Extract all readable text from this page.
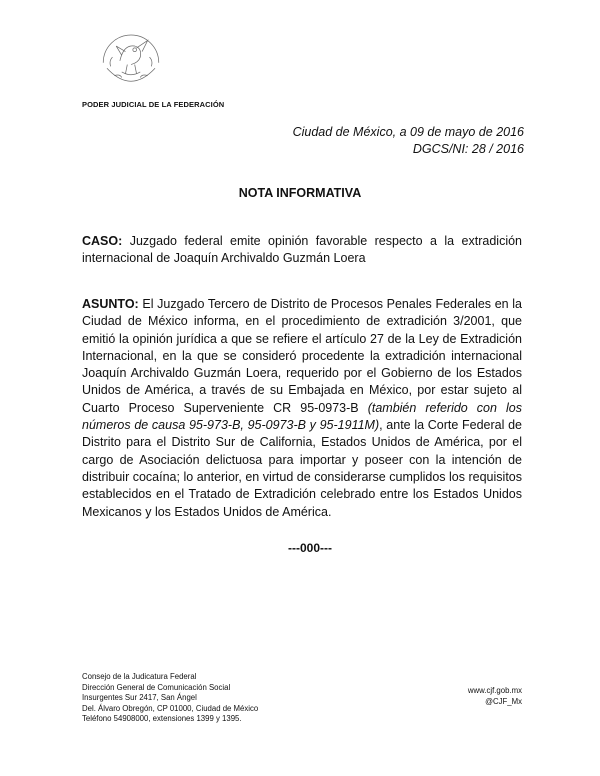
PODER JUDICIAL DE LA FEDERACIÓN
Ciudad de México, a 09 de mayo de 2016
DGCS/NI: 28 / 2016
NOTA INFORMATIVA
CASO: Juzgado federal emite opinión favorable respecto a la extradición internacional de Joaquín Archivaldo Guzmán Loera
ASUNTO: El Juzgado Tercero de Distrito de Procesos Penales Federales en la Ciudad de México informa, en el procedimiento de extradición 3/2001, que emitió la opinión jurídica a que se refiere el artículo 27 de la Ley de Extradición Internacional, en la que se consideró procedente la extradición internacional Joaquín Archivaldo Guzmán Loera, requerido por el Gobierno de los Estados Unidos de América, a través de su Embajada en México, por estar sujeto al Cuarto Proceso Superveniente CR 95-0973-B (también referido con los números de causa 95-973-B, 95-0973-B y 95-1911M), ante la Corte Federal de Distrito para el Distrito Sur de California, Estados Unidos de América, por el cargo de Asociación delictuosa para importar y poseer con la intención de distribuir cocaína; lo anterior, en virtud de considerarse cumplidos los requisitos establecidos en el Tratado de Extradición celebrado entre los Estados Unidos Mexicanos y los Estados Unidos de América.
---000---
Consejo de la Judicatura Federal
Dirección General de Comunicación Social
Insurgentes Sur 2417, San Ángel
Del. Álvaro Obregón, CP 01000, Ciudad de México
Teléfono 54908000, extensiones 1399 y 1395.
www.cjf.gob.mx
@CJF_Mx
